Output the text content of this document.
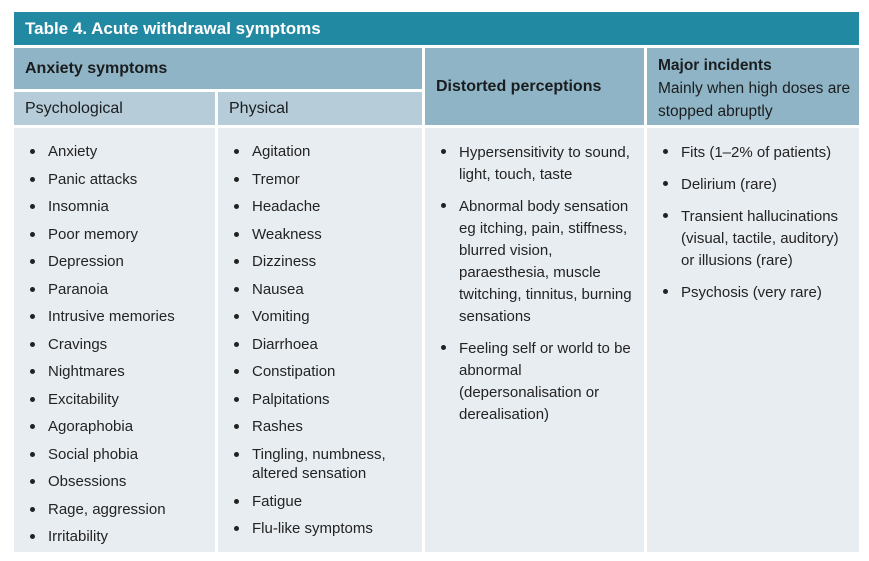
Table 4. Acute withdrawal symptoms
Anxiety symptoms
Distorted perceptions
Major incidents
Mainly when high doses are stopped abruptly
Psychological	Physical
Anxiety
Panic attacks
Insomnia
Poor memory
Depression
Paranoia
Intrusive memories
Cravings
Nightmares
Excitability
Agoraphobia
Social phobia
Obsessions
Rage, aggression
Irritability
Agitation
Tremor
Headache
Weakness
Dizziness
Nausea
Vomiting
Diarrhoea
Constipation
Palpitations
Rashes
Tingling, numbness, altered sensation
Fatigue
Flu-like symptoms
Hypersensitivity to sound, light, touch, taste
Abnormal body sensation eg itching, pain, stiffness, blurred vision, paraesthesia, muscle twitching, tinnitus, burning sensations
Feeling self or world to be abnormal (depersonalisation or derealisation)
Fits (1–2% of patients)
Delirium (rare)
Transient hallucinations (visual, tactile, auditory) or illusions (rare)
Psychosis (very rare)
